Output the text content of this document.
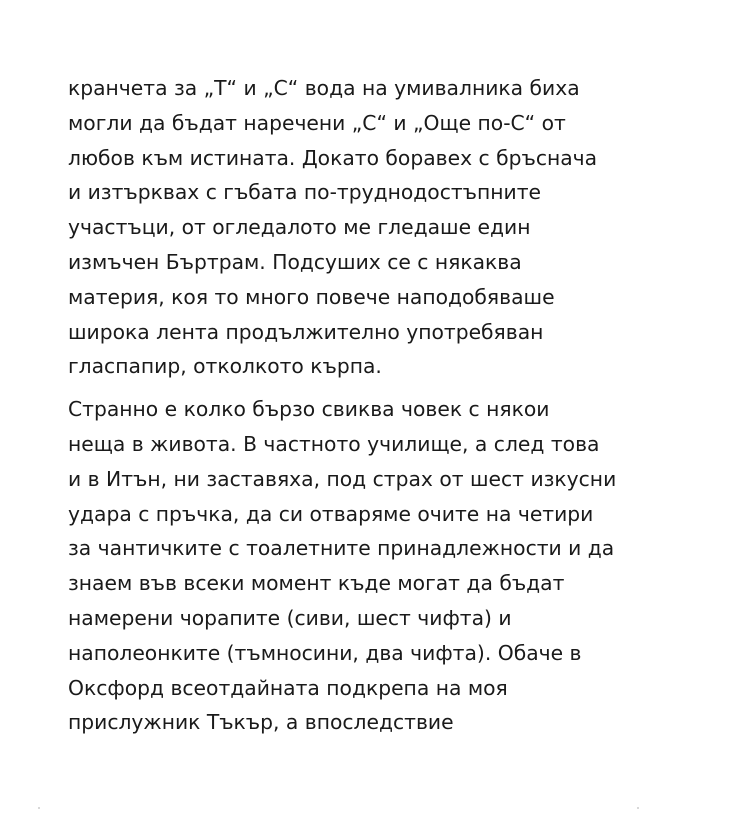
кранчета за „Т“ и „С“ вода на умивалника биха
могли да бъдат наречени „С“ и „Още по-С“ от
любов към истината. Докато боравех с бръснача
и изтърквах с гъбата по-труднодостъпните
участъци, от огледалото ме гледаше един
измъчен Бъртрам. Подсуших се с някаква
материя, коя то много повече наподобяваше
широка лента продължително употребяван
гласпапир, отколкото кърпа.

Странно е колко бързо свиква човек с някои
неща в живота. В частното училище, а след това
и в Итън, ни заставяха, под страх от шест изкусни
удара с пръчка, да си отваряме очите на четири
за чантичките с тоалетните принадлежности и да
знаем във всеки момент къде могат да бъдат
намерени чорапите (сиви, шест чифта) и
наполеонките (тъмносини, два чифта). Обаче в
Оксфорд всеотдайната подкрепа на моя
прислужник Тъкър, а впоследствие
